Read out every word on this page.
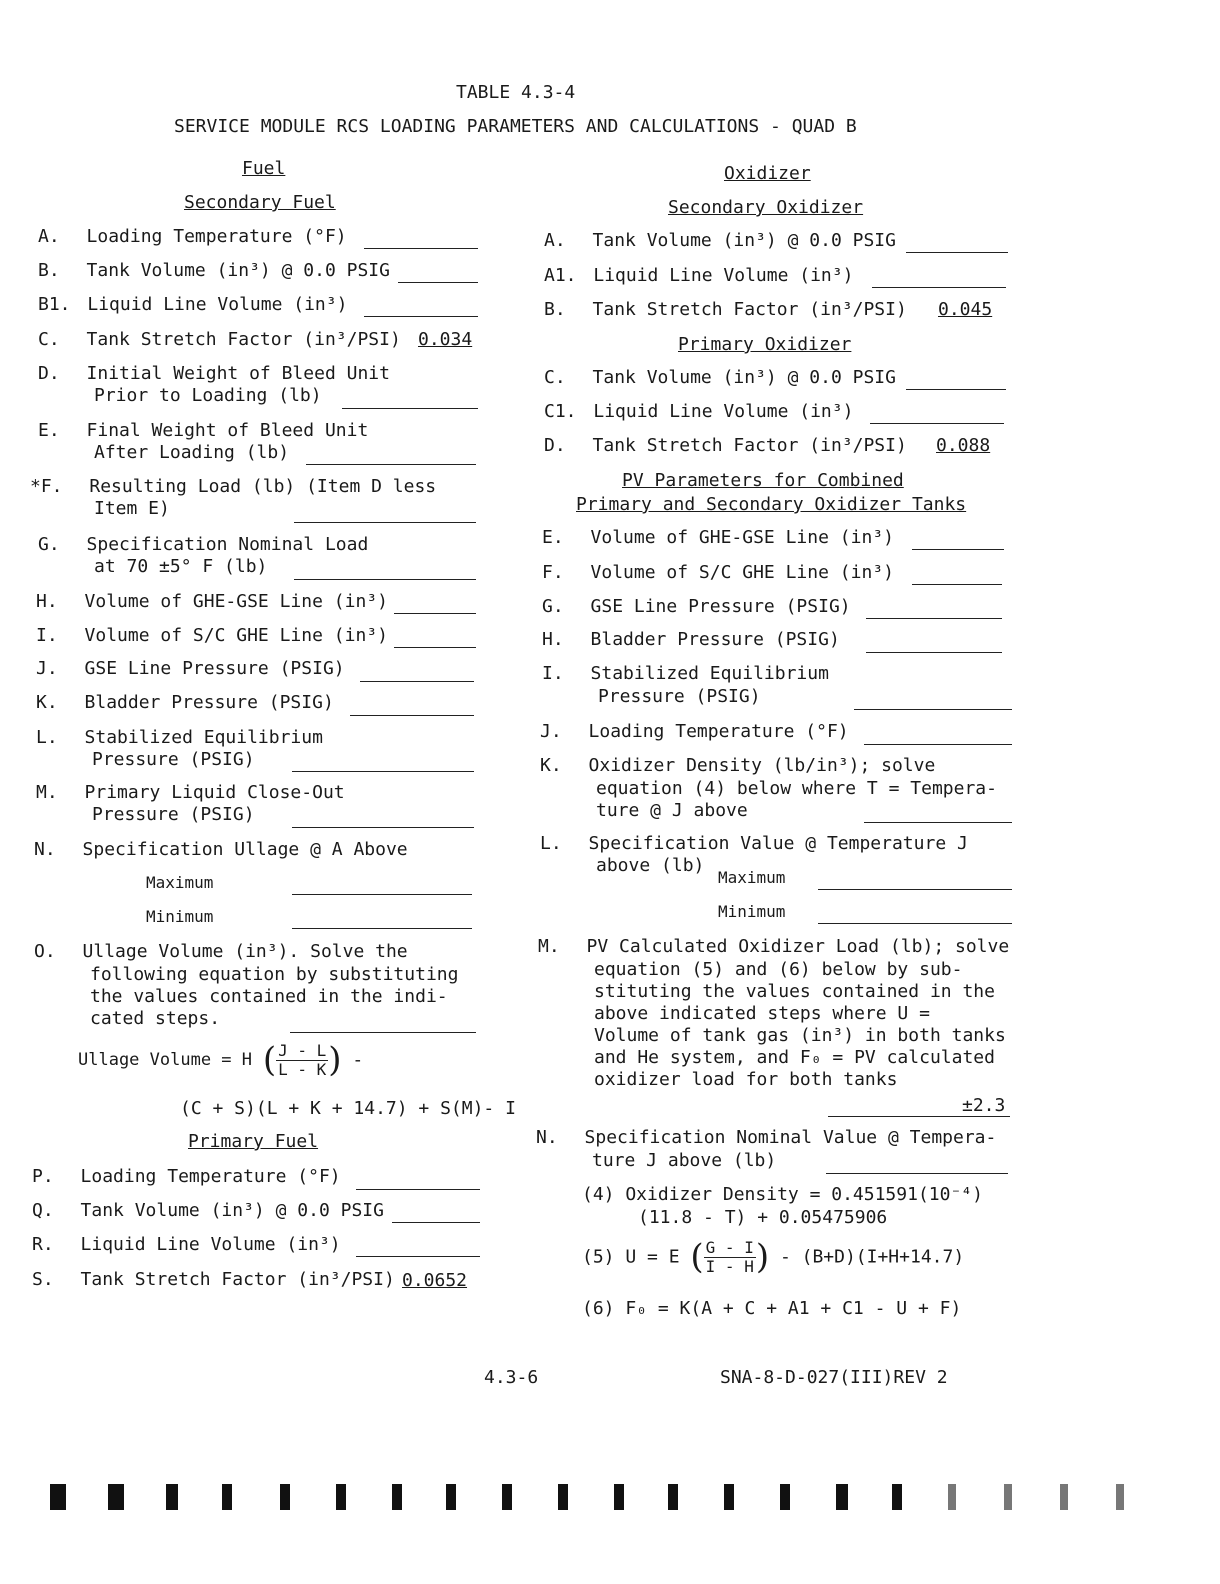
TABLE 4.3-4
SERVICE MODULE RCS LOADING PARAMETERS AND CALCULATIONS - QUAD B
Fuel
Secondary Fuel
A. Loading Temperature (°F)
B. Tank Volume (in³) @ 0.0 PSIG
B1. Liquid Line Volume (in³)
C. Tank Stretch Factor (in³/PSI) 0.034
D. Initial Weight of Bleed Unit
Prior to Loading (lb)
E. Final Weight of Bleed Unit
After Loading (lb)
*F. Resulting Load (lb) (Item D less
Item E)
G. Specification Nominal Load
at 70 ±5° F (lb)
H. Volume of GHE-GSE Line (in³)
I. Volume of S/C GHE Line (in³)
J. GSE Line Pressure (PSIG)
K. Bladder Pressure (PSIG)
L. Stabilized Equilibrium
Pressure (PSIG)
M. Primary Liquid Close-Out
Pressure (PSIG)
N. Specification Ullage @ A Above
Maximum
Minimum
O. Ullage Volume (in³). Solve the
following equation by substituting
the values contained in the indi-
cated steps.
Ullage Volume = H ( $\frac{J - L}{L - K}$ ) -
(C + S)(L + K + 14.7) + S(M)- I
Primary Fuel
P. Loading Temperature (°F)
Q. Tank Volume (in³) @ 0.0 PSIG
R. Liquid Line Volume (in³)
S. Tank Stretch Factor (in³/PSI) 0.0652
Oxidizer
Secondary Oxidizer
A. Tank Volume (in³) @ 0.0 PSIG
A1. Liquid Line Volume (in³)
B. Tank Stretch Factor (in³/PSI) 0.045
Primary Oxidizer
C. Tank Volume (in³) @ 0.0 PSIG
C1. Liquid Line Volume (in³)
D. Tank Stretch Factor (in³/PSI) 0.088
PV Parameters for Combined
Primary and Secondary Oxidizer Tanks
E. Volume of GHE-GSE Line (in³)
F. Volume of S/C GHE Line (in³)
G. GSE Line Pressure (PSIG)
H. Bladder Pressure (PSIG)
I. Stabilized Equilibrium
Pressure (PSIG)
J. Loading Temperature (°F)
K. Oxidizer Density (lb/in³); solve
equation (4) below where T = Tempera-
ture @ J above
L. Specification Value @ Temperature J
above (lb)
Maximum
Minimum
M. PV Calculated Oxidizer Load (lb); solve
equation (5) and (6) below by sub-
stituting the values contained in the
above indicated steps where U =
Volume of tank gas (in³) in both tanks
and He system, and F₀ = PV calculated
oxidizer load for both tanks
±2.3
N. Specification Nominal Value @ Tempera-
ture J above (lb)
(4) Oxidizer Density = 0.451591(10⁻⁴)
(11.8 - T) + 0.05475906
(5) U = E ( $\frac{G - I}{I - H}$ ) - (B+D)(I+H+14.7)
(6) F₀ = K(A + C + A1 + C1 - U + F)
4.3-6	SNA-8-D-027(III)REV 2
